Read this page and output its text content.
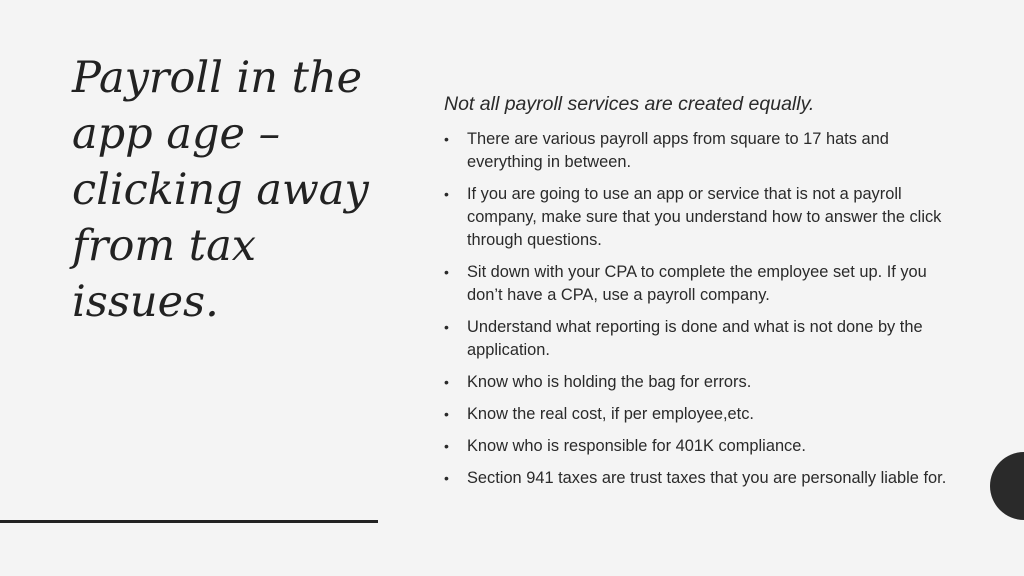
Payroll in the app age – clicking away from tax issues.

Not all payroll services are created equally.

• There are various payroll apps from square to 17 hats and everything in between.
• If you are going to use an app or service that is not a payroll company, make sure that you understand how to answer the click through questions.
• Sit down with your CPA to complete the employee set up. If you don’t have a CPA, use a payroll company.
• Understand what reporting is done and what is not done by the application.
• Know who is holding the bag for errors.
• Know the real cost, if per employee,etc.
• Know who is responsible for 401K compliance.
• Section 941 taxes are trust taxes that you are personally liable for.
